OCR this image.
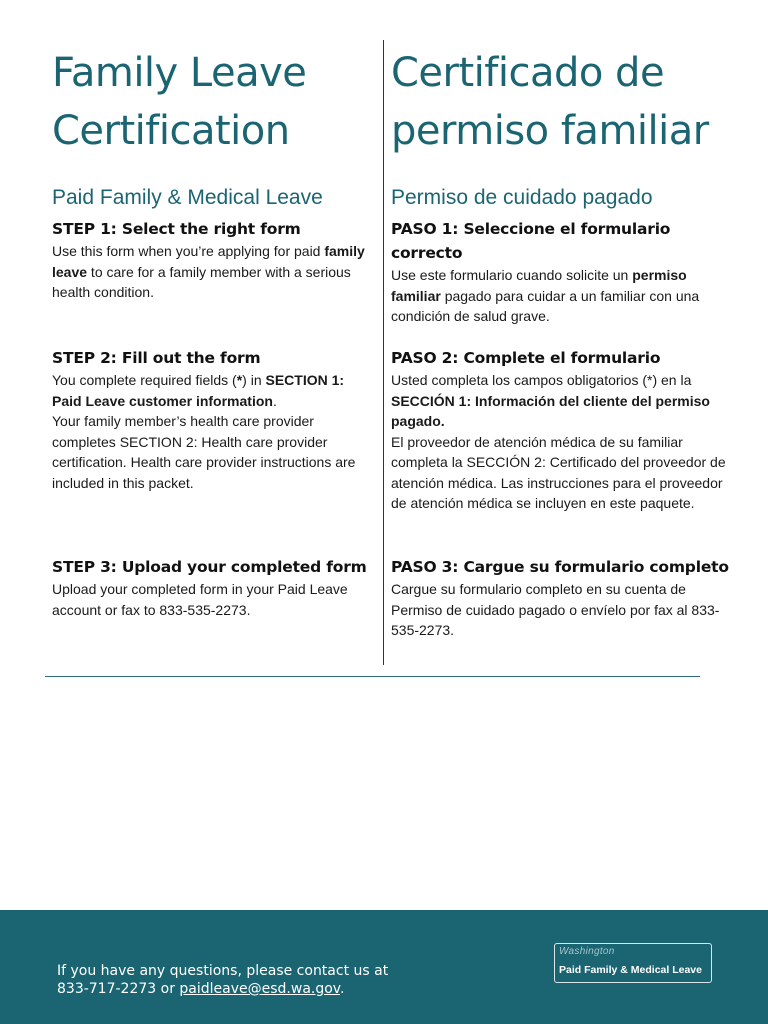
Family Leave
Certification
Paid Family & Medical Leave

STEP 1: Select the right form

Use this form when you’re applying for paid family leave to care for a family member with a serious health condition.

STEP 2: Fill out the form

You complete required fields (*) in SECTION 1: Paid Leave customer information.
Your family member’s health care provider completes SECTION 2: Health care provider certification. Health care provider instructions are included in this packet.

STEP 3: Upload your completed form

Upload your completed form in your Paid Leave account or fax to 833-535-2273.

Certificado de
permiso familiar
Permiso de cuidado pagado

PASO 1: Seleccione el formulario correcto

Use este formulario cuando solicite un permiso familiar pagado para cuidar a un familiar con una condición de salud grave.

PASO 2: Complete el formulario

Usted completa los campos obligatorios (*) en la SECCIÓN 1: Información del cliente del permiso pagado.
El proveedor de atención médica de su familiar completa la SECCIÓN 2: Certificado del proveedor de atención médica. Las instrucciones para el proveedor de atención médica se incluyen en este paquete.

PASO 3: Cargue su formulario completo

Cargue su formulario completo en su cuenta de Permiso de cuidado pagado o envíelo por fax al 833-535-2273.

If you have any questions, please contact us at
833-717-2273 or paidleave@esd.wa.gov.
Washington
Paid Family & Medical Leave
